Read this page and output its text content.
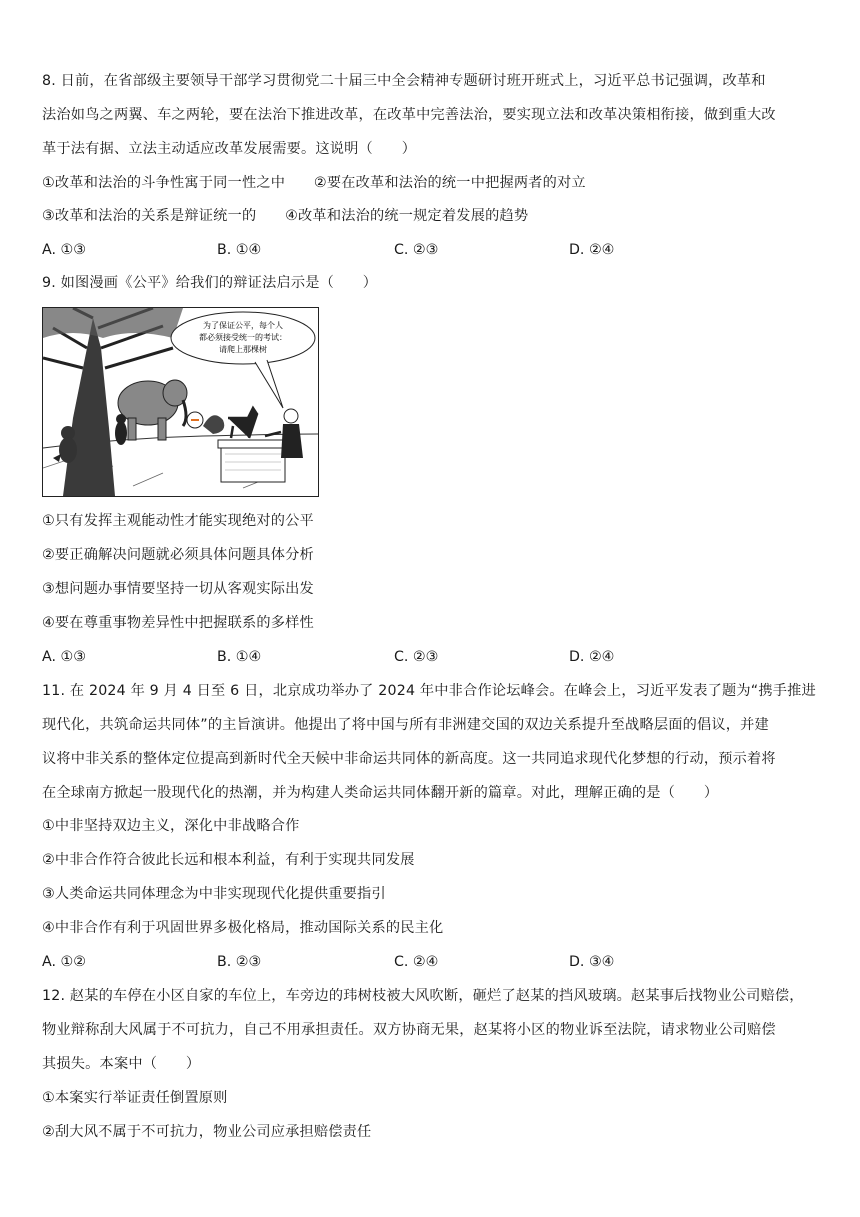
8. 日前，在省部级主要领导干部学习贯彻党二十届三中全会精神专题研讨班开班式上，习近平总书记强调，改革和
法治如鸟之两翼、车之两轮，要在法治下推进改革，在改革中完善法治，要实现立法和改革决策相衔接，做到重大改
革于法有据、立法主动适应改革发展需要。这说明（　　）
①改革和法治的斗争性寓于同一性之中　　②要在改革和法治的统一中把握两者的对立
③改革和法治的关系是辩证统一的　　④改革和法治的统一规定着发展的趋势
A. ①③	B. ①④	C. ②③	D. ②④
9. 如图漫画《公平》给我们的辩证法启示是（　　）
为了保证公平，每个人
都必须接受统一的考试：
请爬上那棵树
①只有发挥主观能动性才能实现绝对的公平
②要正确解决问题就必须具体问题具体分析
③想问题办事情要坚持一切从客观实际出发
④要在尊重事物差异性中把握联系的多样性
A. ①③	B. ①④	C. ②③	D. ②④
11. 在 2024 年 9 月 4 日至 6 日，北京成功举办了 2024 年中非合作论坛峰会。在峰会上，习近平发表了题为“携手推进
现代化，共筑命运共同体”的主旨演讲。他提出了将中国与所有非洲建交国的双边关系提升至战略层面的倡议，并建
议将中非关系的整体定位提高到新时代全天候中非命运共同体的新高度。这一共同追求现代化梦想的行动，预示着将
在全球南方掀起一股现代化的热潮，并为构建人类命运共同体翻开新的篇章。对此，理解正确的是（　　）
①中非坚持双边主义，深化中非战略合作
②中非合作符合彼此长远和根本利益，有利于实现共同发展
③人类命运共同体理念为中非实现现代化提供重要指引
④中非合作有利于巩固世界多极化格局，推动国际关系的民主化
A. ①②	B. ②③	C. ②④	D. ③④
12. 赵某的车停在小区自家的车位上，车旁边的玮树枝被大风吹断，砸烂了赵某的挡风玻璃。赵某事后找物业公司赔偿，
物业辩称刮大风属于不可抗力，自己不用承担责任。双方协商无果，赵某将小区的物业诉至法院，请求物业公司赔偿
其损失。本案中（　　）
①本案实行举证责任倒置原则
②刮大风不属于不可抗力，物业公司应承担赔偿责任
